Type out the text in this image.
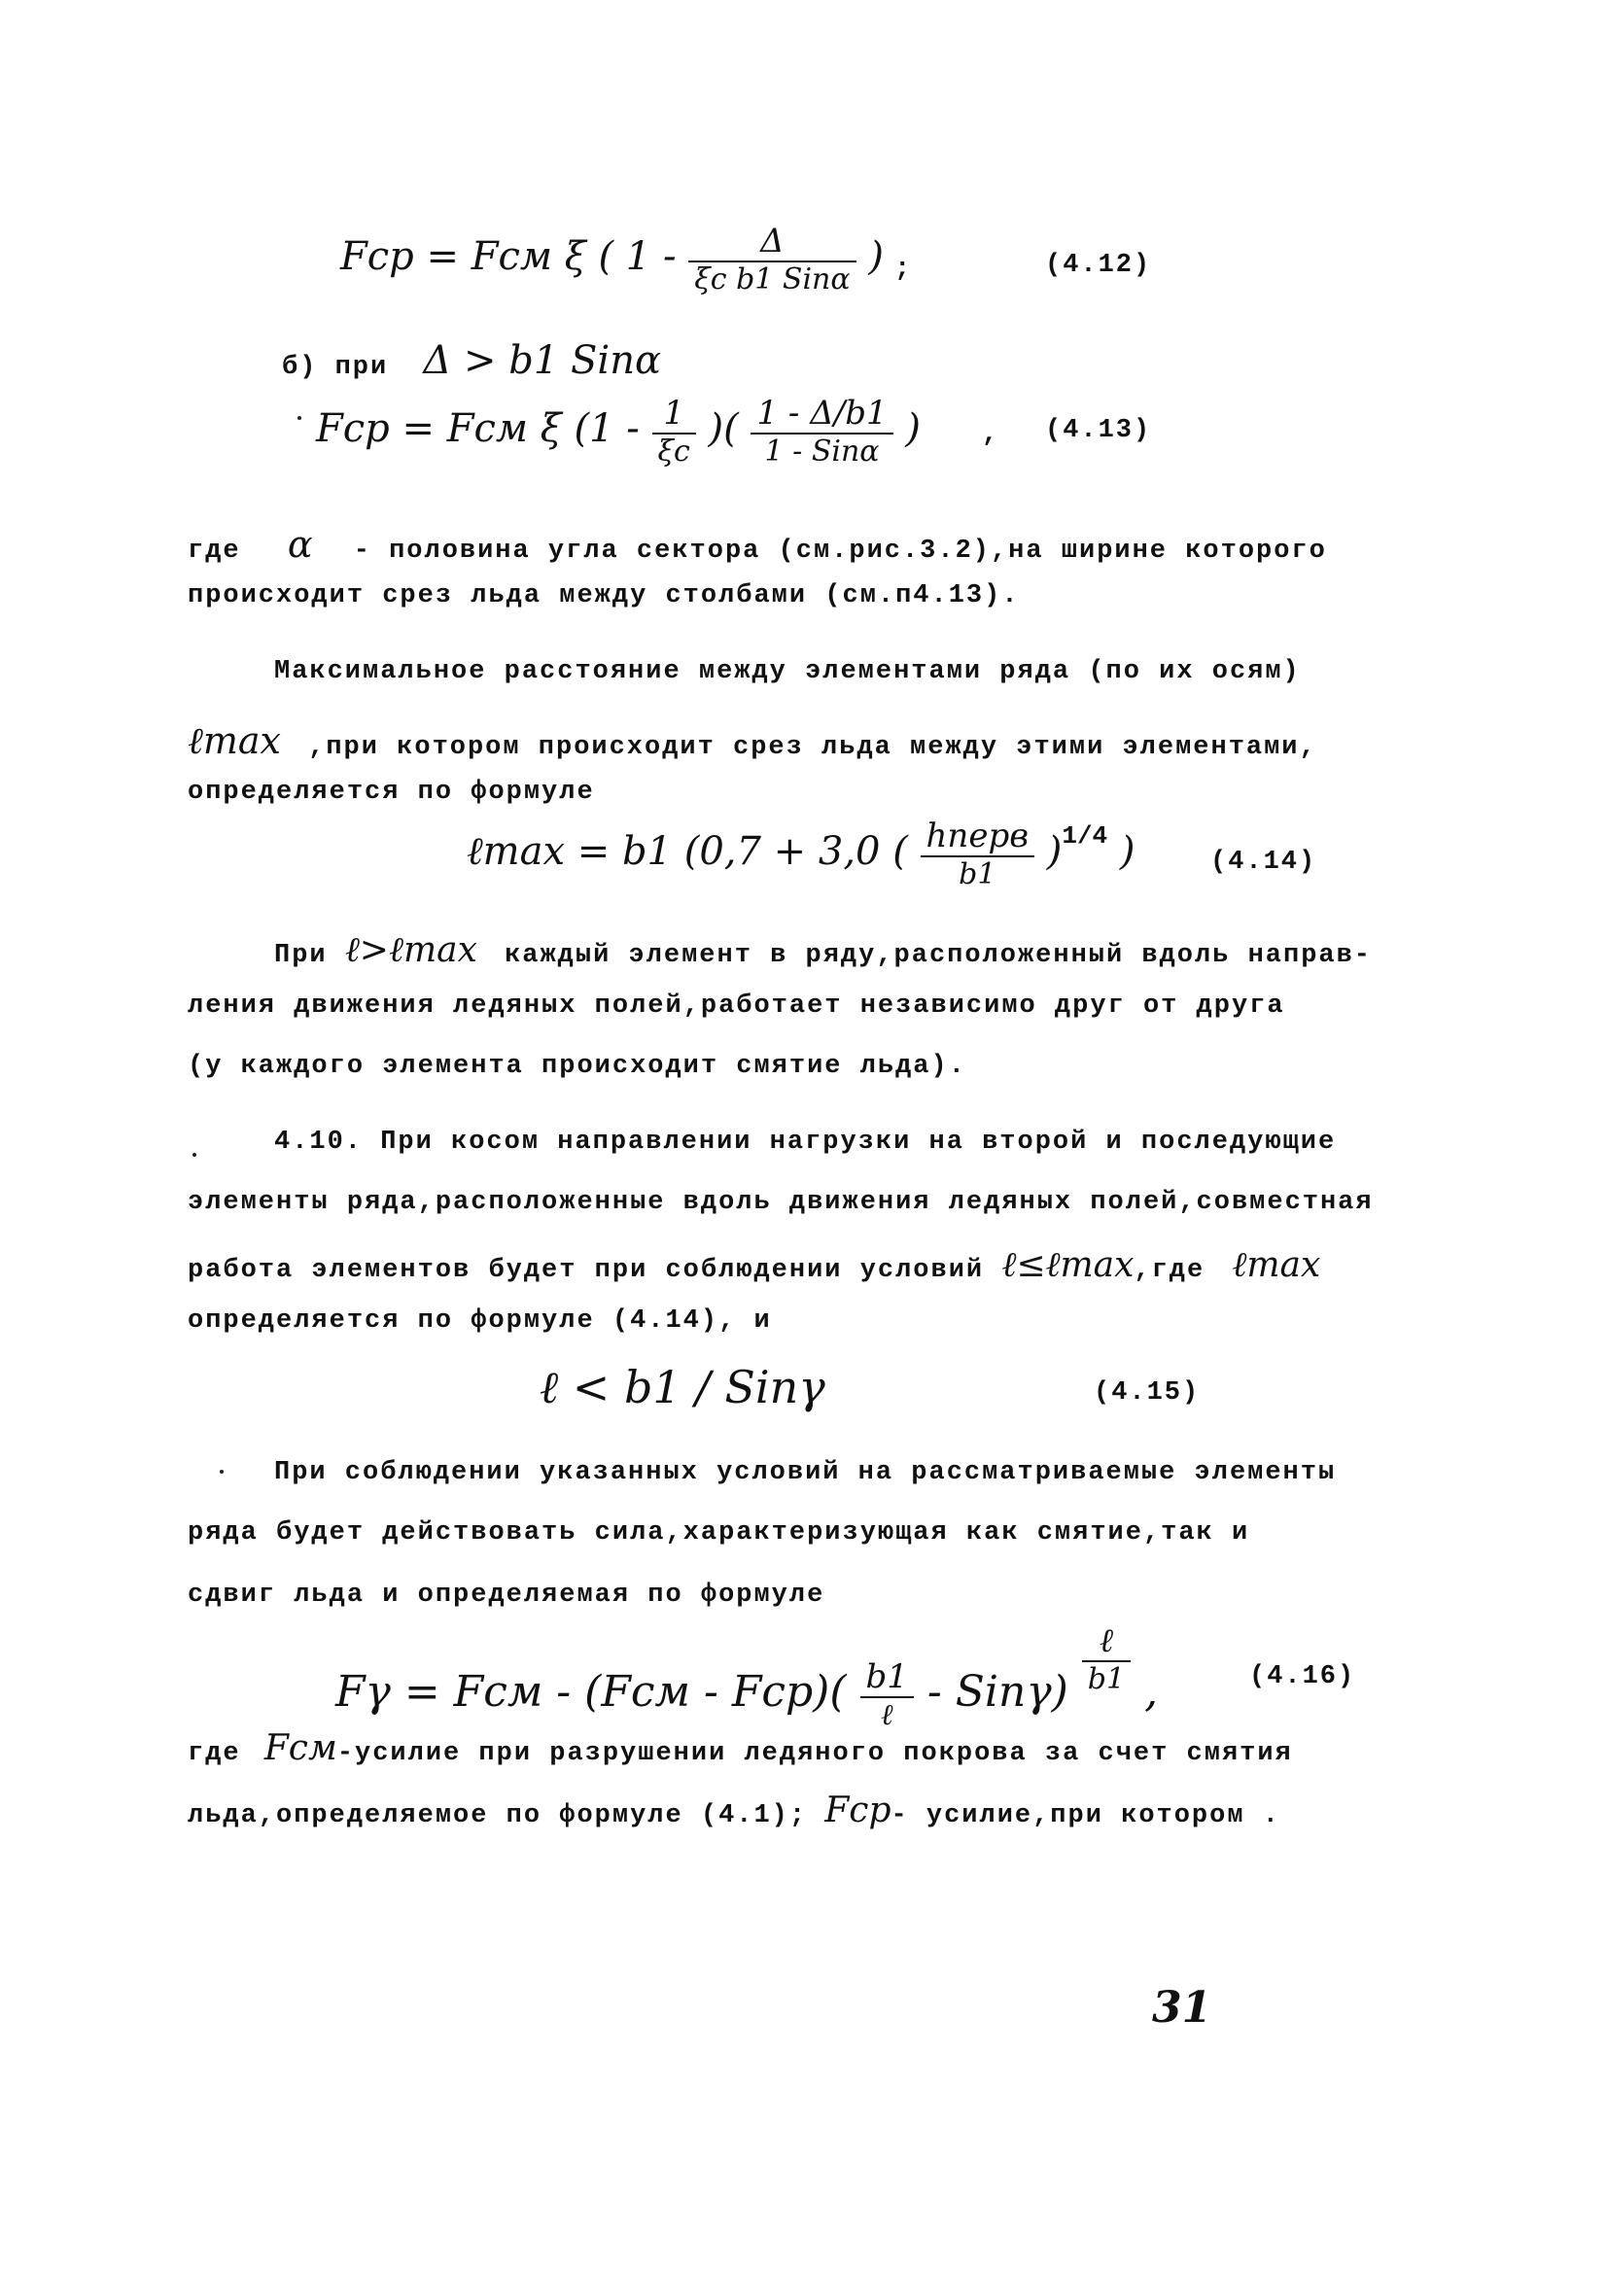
Fср = Fсм ξ ( $1 - \frac{\Delta}{\text{ξc b1 Sinα}}$ ) ;	(4.12)
б) при Δ > b1 Sinα
Fср = Fсм ξ ($1 - \frac{1}{\xi c}$ )( $\frac{1 - \Delta/b1}{\text{1 - Sinα}}$ ) , (4.13)
где α - половина угла сектора (см.рис.3.2),на ширине которого
происходит срез льда между столбами (см.п4.13).
Максимальное расстояние между элементами ряда (по их осям)
ℓmax ,при котором происходит срез льда между этими элементами,
определяется по формуле
ℓmax = b1 (0,7 + 3,0 ( $\frac{\text{hперв}}{b1} )^{1/4}$ )	(4.14)
При ℓ>ℓmax каждый элемент в ряду,расположенный вдоль направ-
ления движения ледяных полей,работает независимо друг от друга
(у каждого элемента происходит смятие льда).
4.10. При косом направлении нагрузки на второй и последующие
элементы ряда,расположенные вдоль движения ледяных полей,совместная
работа элементов будет при соблюдении условий ℓ≤ℓmax,где ℓmax
определяется по формуле (4.14), и
ℓ < b1 / Sinγ	(4.15)
При соблюдении указанных условий на рассматриваемые элементы
ряда будет действовать сила,характеризующая как смятие,так и
сдвиг льда и определяемая по формуле
Fγ = Fсм - $(Fсм - Fср)( \frac{b1}{\text{ℓ}} - Sin\gamma) \frac{\text{ℓ}}{b1}$ ,	(4.16)
где Fсм-усилие при разрушении ледяного покрова за счет смятия
льда,определяемое по формуле (4.1); Fср- усилие,при котором .
31
